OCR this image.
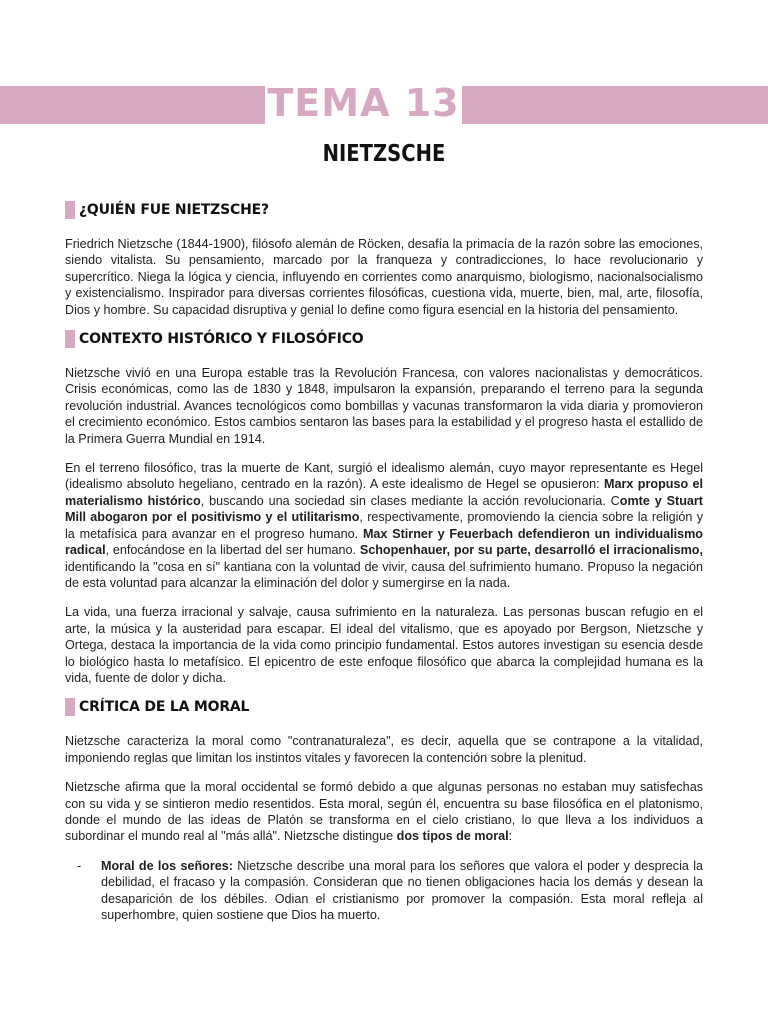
TEMA 13
NIETZSCHE
¿QUIÉN FUE NIETZSCHE?

Friedrich Nietzsche (1844-1900), filósofo alemán de Röcken, desafía la primacía de la razón sobre las emociones, siendo vitalista. Su pensamiento, marcado por la franqueza y contradicciones, lo hace revolucionario y supercrítico. Niega la lógica y ciencia, influyendo en corrientes como anarquismo, biologismo, nacionalsocialismo y existencialismo. Inspirador para diversas corrientes filosóficas, cuestiona vida, muerte, bien, mal, arte, filosofía, Dios y hombre. Su capacidad disruptiva y genial lo define como figura esencial en la historia del pensamiento.

CONTEXTO HISTÓRICO Y FILOSÓFICO

Nietzsche vivió en una Europa estable tras la Revolución Francesa, con valores nacionalistas y democráticos. Crisis económicas, como las de 1830 y 1848, impulsaron la expansión, preparando el terreno para la segunda revolución industrial. Avances tecnológicos como bombillas y vacunas transformaron la vida diaria y promovieron el crecimiento económico. Estos cambios sentaron las bases para la estabilidad y el progreso hasta el estallido de la Primera Guerra Mundial en 1914.

En el terreno filosófico, tras la muerte de Kant, surgió el idealismo alemán, cuyo mayor representante es Hegel (idealismo absoluto hegeliano, centrado en la razón). A este idealismo de Hegel se opusieron: Marx propuso el materialismo histórico, buscando una sociedad sin clases mediante la acción revolucionaria. Comte y Stuart Mill abogaron por el positivismo y el utilitarismo, respectivamente, promoviendo la ciencia sobre la religión y la metafísica para avanzar en el progreso humano. Max Stirner y Feuerbach defendieron un individualismo radical, enfocándose en la libertad del ser humano. Schopenhauer, por su parte, desarrolló el irracionalismo, identificando la "cosa en sí" kantiana con la voluntad de vivir, causa del sufrimiento humano. Propuso la negación de esta voluntad para alcanzar la eliminación del dolor y sumergirse en la nada.

La vida, una fuerza irracional y salvaje, causa sufrimiento en la naturaleza. Las personas buscan refugio en el arte, la música y la austeridad para escapar. El ideal del vitalismo, que es apoyado por Bergson, Nietzsche y Ortega, destaca la importancia de la vida como principio fundamental. Estos autores investigan su esencia desde lo biológico hasta lo metafísico. El epicentro de este enfoque filosófico que abarca la complejidad humana es la vida, fuente de dolor y dicha.

CRÍTICA DE LA MORAL

Nietzsche caracteriza la moral como "contranaturaleza", es decir, aquella que se contrapone a la vitalidad, imponiendo reglas que limitan los instintos vitales y favorecen la contención sobre la plenitud.

Nietzsche afirma que la moral occidental se formó debido a que algunas personas no estaban muy satisfechas con su vida y se sintieron medio resentidos. Esta moral, según él, encuentra su base filosófica en el platonismo, donde el mundo de las ideas de Platón se transforma en el cielo cristiano, lo que lleva a los individuos a subordinar el mundo real al "más allá". Nietzsche distingue dos tipos de moral:

- Moral de los señores: Nietzsche describe una moral para los señores que valora el poder y desprecia la debilidad, el fracaso y la compasión. Consideran que no tienen obligaciones hacia los demás y desean la desaparición de los débiles. Odian el cristianismo por promover la compasión. Esta moral refleja al superhombre, quien sostiene que Dios ha muerto.
